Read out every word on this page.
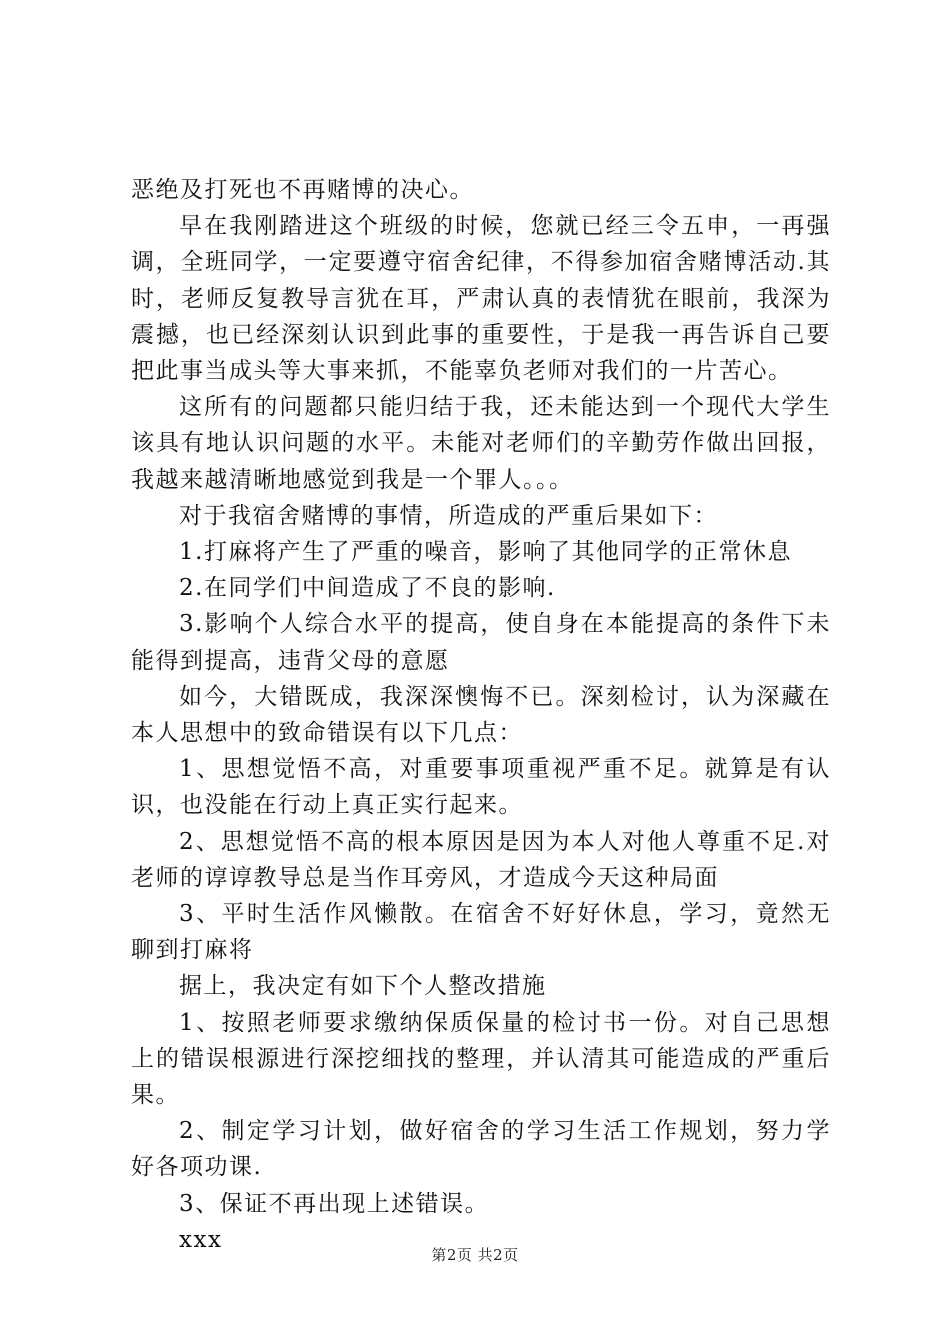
恶绝及打死也不再赌博的决心。

早在我刚踏进这个班级的时候，您就已经三令五申，一再强调，全班同学，一定要遵守宿舍纪律，不得参加宿舍赌博活动.其时，老师反复教导言犹在耳，严肃认真的表情犹在眼前，我深为震撼，也已经深刻认识到此事的重要性，于是我一再告诉自己要把此事当成头等大事来抓，不能辜负老师对我们的一片苦心。

这所有的问题都只能归结于我，还未能达到一个现代大学生该具有地认识问题的水平。未能对老师们的辛勤劳作做出回报，我越来越清晰地感觉到我是一个罪人。。。

对于我宿舍赌博的事情，所造成的严重后果如下：

1.打麻将产生了严重的噪音，影响了其他同学的正常休息

2.在同学们中间造成了不良的影响.

3.影响个人综合水平的提高，使自身在本能提高的条件下未能得到提高，违背父母的意愿

如今，大错既成，我深深懊悔不已。深刻检讨，认为深藏在本人思想中的致命错误有以下几点：

1、思想觉悟不高，对重要事项重视严重不足。就算是有认识，也没能在行动上真正实行起来。

2、思想觉悟不高的根本原因是因为本人对他人尊重不足.对老师的谆谆教导总是当作耳旁风，才造成今天这种局面

3、平时生活作风懒散。在宿舍不好好休息，学习，竟然无聊到打麻将

据上，我决定有如下个人整改措施

1、按照老师要求缴纳保质保量的检讨书一份。对自己思想上的错误根源进行深挖细找的整理，并认清其可能造成的严重后果。

2、制定学习计划，做好宿舍的学习生活工作规划，努力学好各项功课.

3、保证不再出现上述错误。

xxx

第2页 共2页
